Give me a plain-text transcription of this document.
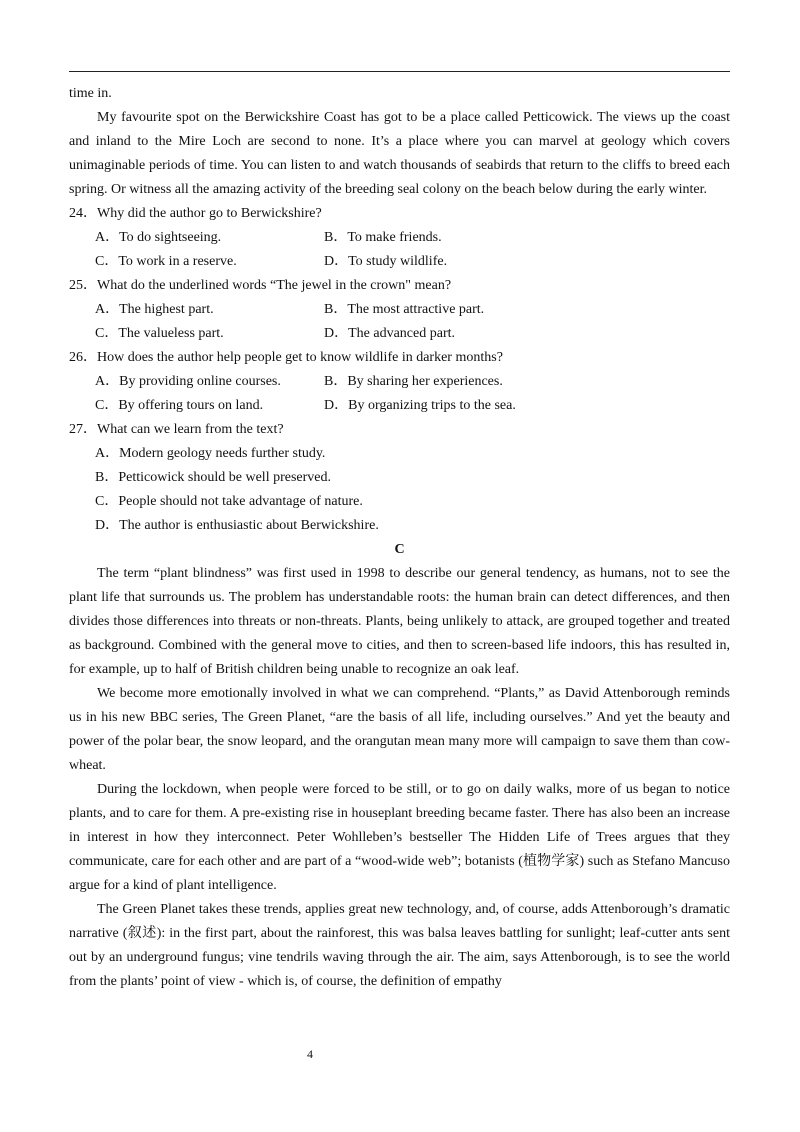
time in.

My favourite spot on the Berwickshire Coast has got to be a place called Petticowick. The views up the coast and inland to the Mire Loch are second to none. It’s a place where you can marvel at geology which covers unimaginable periods of time. You can listen to and watch thousands of seabirds that return to the cliffs to breed each spring. Or witness all the amazing activity of the breeding seal colony on the beach below during the early winter.

24．Why did the author go to Berwickshire?

A．To do sightseeing.	B．To make friends.

C．To work in a reserve.	D．To study wildlife.

25．What do the underlined words “The jewel in the crown" mean?

A．The highest part.	B．The most attractive part.

C．The valueless part.	D．The advanced part.

26．How does the author help people get to know wildlife in darker months?

A．By providing online courses.	B．By sharing her experiences.

C．By offering tours on land.	D．By organizing trips to the sea.

27．What can we learn from the text?

A．Modern geology needs further study.

B．Petticowick should be well preserved.

C．People should not take advantage of nature.

D．The author is enthusiastic about Berwickshire.

C

The term “plant blindness” was first used in 1998 to describe our general tendency, as humans, not to see the plant life that surrounds us. The problem has understandable roots: the human brain can detect differences, and then divides those differences into threats or non-threats. Plants, being unlikely to attack, are grouped together and treated as background. Combined with the general move to cities, and then to screen-based life indoors, this has resulted in, for example, up to half of British children being unable to recognize an oak leaf.

We become more emotionally involved in what we can comprehend. “Plants,” as David Attenborough reminds us in his new BBC series, The Green Planet, “are the basis of all life, including ourselves.” And yet the beauty and power of the polar bear, the snow leopard, and the orangutan mean many more will campaign to save them than cow-wheat.

During the lockdown, when people were forced to be still, or to go on daily walks, more of us began to notice plants, and to care for them. A pre-existing rise in houseplant breeding became faster. There has also been an increase in interest in how they interconnect. Peter Wohlleben’s bestseller The Hidden Life of Trees argues that they communicate, care for each other and are part of a “wood-wide web”; botanists (植物学家) such as Stefano Mancuso argue for a kind of plant intelligence.

The Green Planet takes these trends, applies great new technology, and, of course, adds Attenborough’s dramatic narrative (叙述): in the first part, about the rainforest, this was balsa leaves battling for sunlight; leaf-cutter ants sent out by an underground fungus; vine tendrils waving through the air. The aim, says Attenborough, is to see the world from the plants’ point of view - which is, of course, the definition of empathy

4
